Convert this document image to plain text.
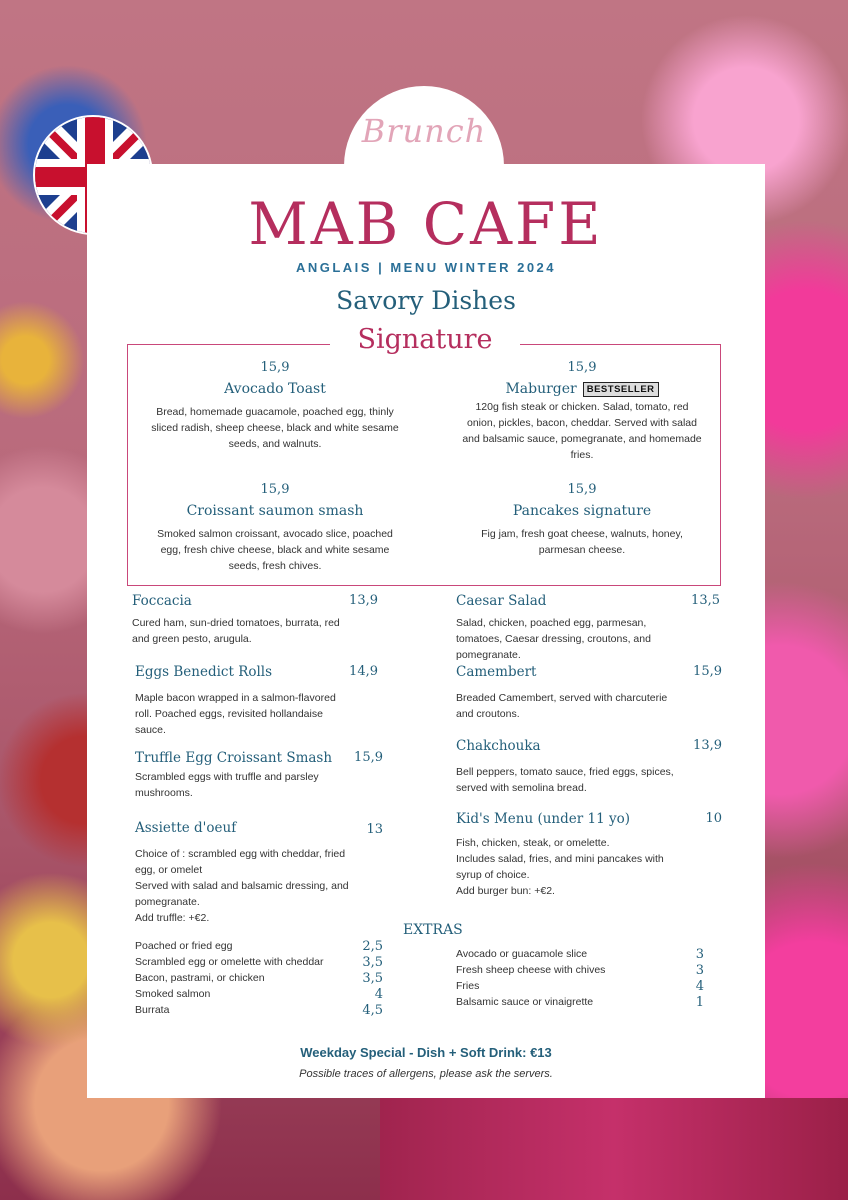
Brunch
MAB CAFE
ANGLAIS | MENU WINTER 2024
Savory Dishes
Signature
15,9
Avocado Toast
Bread, homemade guacamole, poached egg, thinly sliced radish, sheep cheese, black and white sesame seeds, and walnuts.
15,9
Maburger BESTSELLER
120g fish steak or chicken. Salad, tomato, red onion, pickles, bacon, cheddar. Served with salad and balsamic sauce, pomegranate, and homemade fries.
15,9
Croissant saumon smash
Smoked salmon croissant, avocado slice, poached egg, fresh chive cheese, black and white sesame seeds, fresh chives.
15,9
Pancakes signature
Fig jam, fresh goat cheese, walnuts, honey, parmesan cheese.
Foccacia	13,9
Cured ham, sun-dried tomatoes, burrata, red
and green pesto, arugula.
Eggs Benedict Rolls	14,9
Maple bacon wrapped in a salmon-flavored
roll. Poached eggs, revisited hollandaise
sauce.
Truffle Egg Croissant Smash 15,9
Scrambled eggs with truffle and parsley
mushrooms.
Assiette d'oeuf	13
Choice of : scrambled egg with cheddar, fried
egg, or omelet
Served with salad and balsamic dressing, and
pomegranate.
Add truffle: +€2.
Caesar Salad	13,5
Salad, chicken, poached egg, parmesan,
tomatoes, Caesar dressing, croutons, and
pomegranate.
Camembert	15,9
Breaded Camembert, served with charcuterie
and croutons.
Chakchouka	13,9
Bell peppers, tomato sauce, fried eggs, spices,
served with semolina bread.
Kid's Menu (under 11 yo)	10
Fish, chicken, steak, or omelette.
Includes salad, fries, and mini pancakes with
syrup of choice.
Add burger bun: +€2.
Poached or fried egg	2,5
Scrambled egg or omelette with cheddar	3,5
Bacon, pastrami, or chicken	3,5
Smoked salmon	4
Burrata	4,5
EXTRAS
Avocado or guacamole slice	3
Fresh sheep cheese with chives	3
Fries	4
Balsamic sauce or vinaigrette	1
Weekday Special - Dish + Soft Drink: €13
Possible traces of allergens, please ask the servers.
